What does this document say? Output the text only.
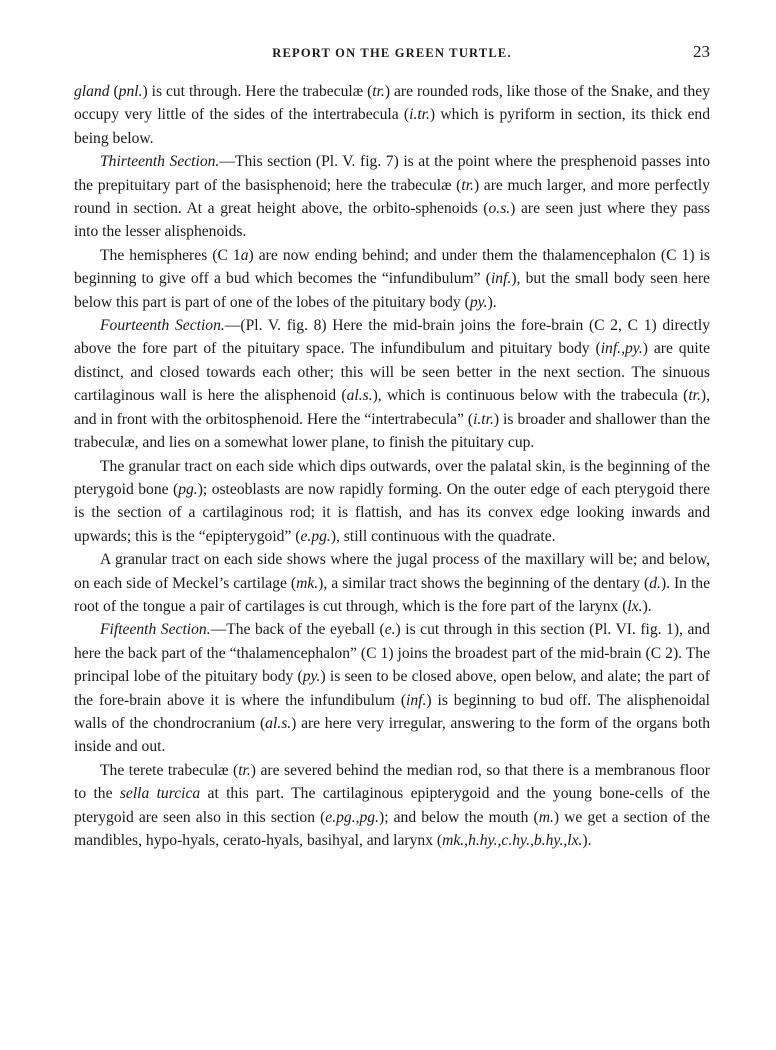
REPORT ON THE GREEN TURTLE.	23

gland (pnl.) is cut through. Here the trabeculæ (tr.) are rounded rods, like those of the Snake, and they occupy very little of the sides of the intertrabecula (i.tr.) which is pyriform in section, its thick end being below.

Thirteenth Section.—This section (Pl. V. fig. 7) is at the point where the presphenoid passes into the prepituitary part of the basisphenoid; here the trabeculæ (tr.) are much larger, and more perfectly round in section. At a great height above, the orbito-sphenoids (o.s.) are seen just where they pass into the lesser alisphenoids.

The hemispheres (C 1a) are now ending behind; and under them the thalamencephalon (C 1) is beginning to give off a bud which becomes the “infundibulum” (inf.), but the small body seen here below this part is part of one of the lobes of the pituitary body (py.).

Fourteenth Section.—(Pl. V. fig. 8) Here the mid-brain joins the fore-brain (C 2, C 1) directly above the fore part of the pituitary space. The infundibulum and pituitary body (inf.,py.) are quite distinct, and closed towards each other; this will be seen better in the next section. The sinuous cartilaginous wall is here the alisphenoid (al.s.), which is continuous below with the trabecula (tr.), and in front with the orbitosphenoid. Here the “intertrabecula” (i.tr.) is broader and shallower than the trabeculæ, and lies on a somewhat lower plane, to finish the pituitary cup.

The granular tract on each side which dips outwards, over the palatal skin, is the beginning of the pterygoid bone (pg.); osteoblasts are now rapidly forming. On the outer edge of each pterygoid there is the section of a cartilaginous rod; it is flattish, and has its convex edge looking inwards and upwards; this is the “epipterygoid” (e.pg.), still continuous with the quadrate.

A granular tract on each side shows where the jugal process of the maxillary will be; and below, on each side of Meckel’s cartilage (mk.), a similar tract shows the beginning of the dentary (d.). In the root of the tongue a pair of cartilages is cut through, which is the fore part of the larynx (lx.).

Fifteenth Section.—The back of the eyeball (e.) is cut through in this section (Pl. VI. fig. 1), and here the back part of the “thalamencephalon” (C 1) joins the broadest part of the mid-brain (C 2). The principal lobe of the pituitary body (py.) is seen to be closed above, open below, and alate; the part of the fore-brain above it is where the infundibulum (inf.) is beginning to bud off. The alisphenoidal walls of the chondrocranium (al.s.) are here very irregular, answering to the form of the organs both inside and out.

The terete trabeculæ (tr.) are severed behind the median rod, so that there is a membranous floor to the sella turcica at this part. The cartilaginous epipterygoid and the young bone-cells of the pterygoid are seen also in this section (e.pg.,pg.); and below the mouth (m.) we get a section of the mandibles, hypo-hyals, cerato-hyals, basihyal, and larynx (mk.,h.hy.,c.hy.,b.hy.,lx.).
